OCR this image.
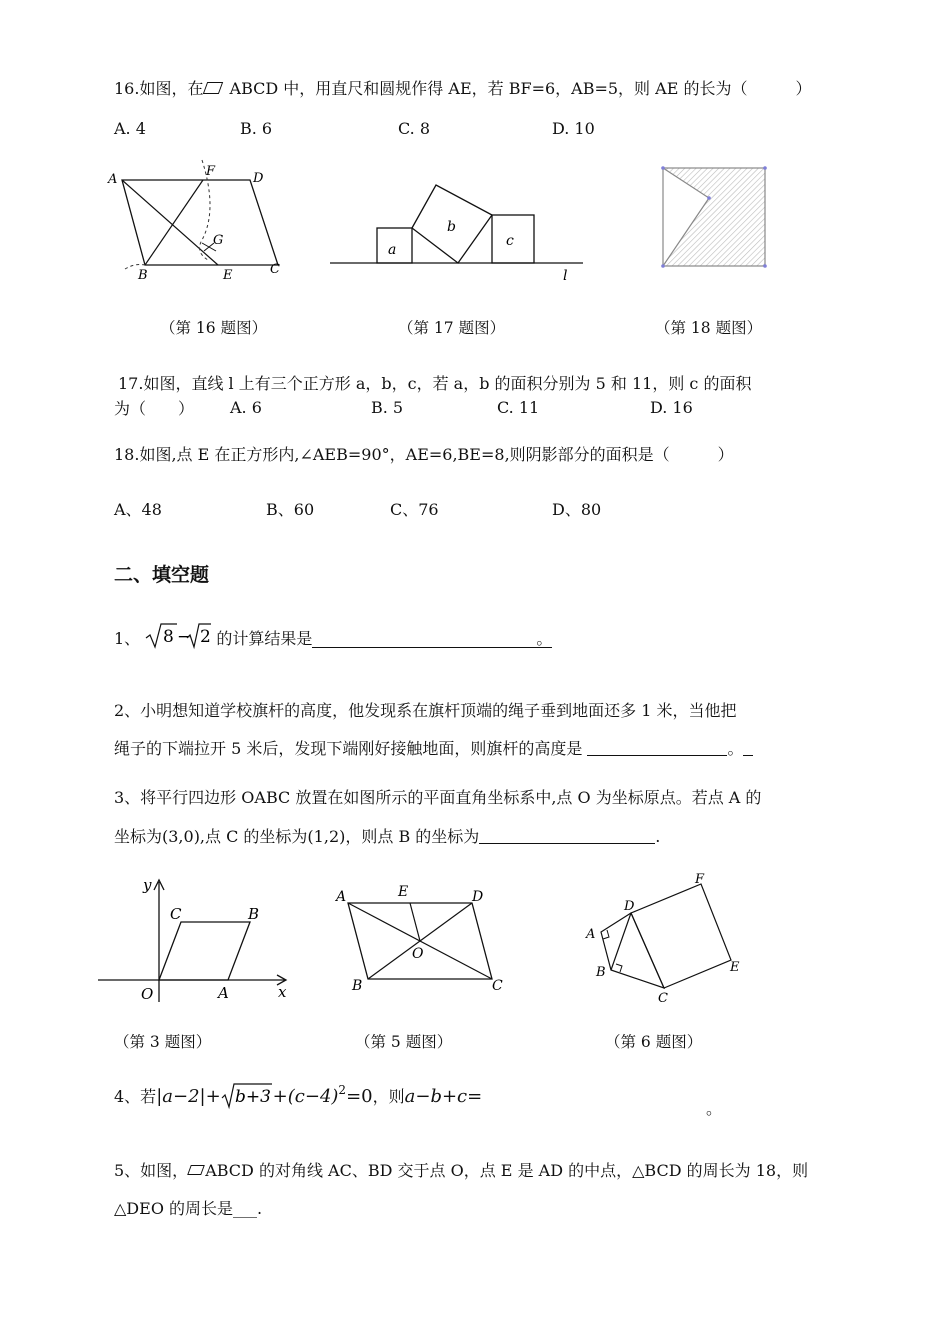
16.如图，在 ABCD 中，用直尺和圆规作得 AE，若 BF=6，AB=5，则 AE 的长为（　　　）
A. 4	B. 6	C. 8	D. 10
A
F	D
G
B	E	C
a
b
c
l
（第 16 题图）	（第 17 题图）	（第 18 题图）
17.如图，直线 l 上有三个正方形 a，b，c，若 a，b 的面积分别为 5 和 11，则 c 的面积
为（　　） A. 6	B. 5	C. 11	D. 16
18.如图,点 E 在正方形内,∠AEB=90°，AE=6,BE=8,则阴影部分的面积是（　　　）
A、48	B、60	C、76	D、80
二、填空题
1、 8 − 2 的计算结果是	。
2、小明想知道学校旗杆的高度，他发现系在旗杆顶端的绳子垂到地面还多 1 米，当他把
绳子的下端拉开 5 米后，发现下端刚好接触地面，则旗杆的高度是	。
3、将平行四边形 OABC 放置在如图所示的平面直角坐标系中,点 O 为坐标原点。若点 A 的
坐标为(3,0),点 C 的坐标为(1,2)，则点 B 的坐标为	.
y
x
O	A
B
C
A	E	D
O
B	C
A
B
C
D
E
F
（第 3 题图）	（第 5 题图）	（第 6 题图）
4、若$|a-2|+ b+3 +(c-4)^2=0$，则a−b+c=
。
5、如图， ABCD 的对角线 AC、BD 交于点 O，点 E 是 AD 的中点，△BCD 的周长为 18，则
△DEO 的周长是___.
